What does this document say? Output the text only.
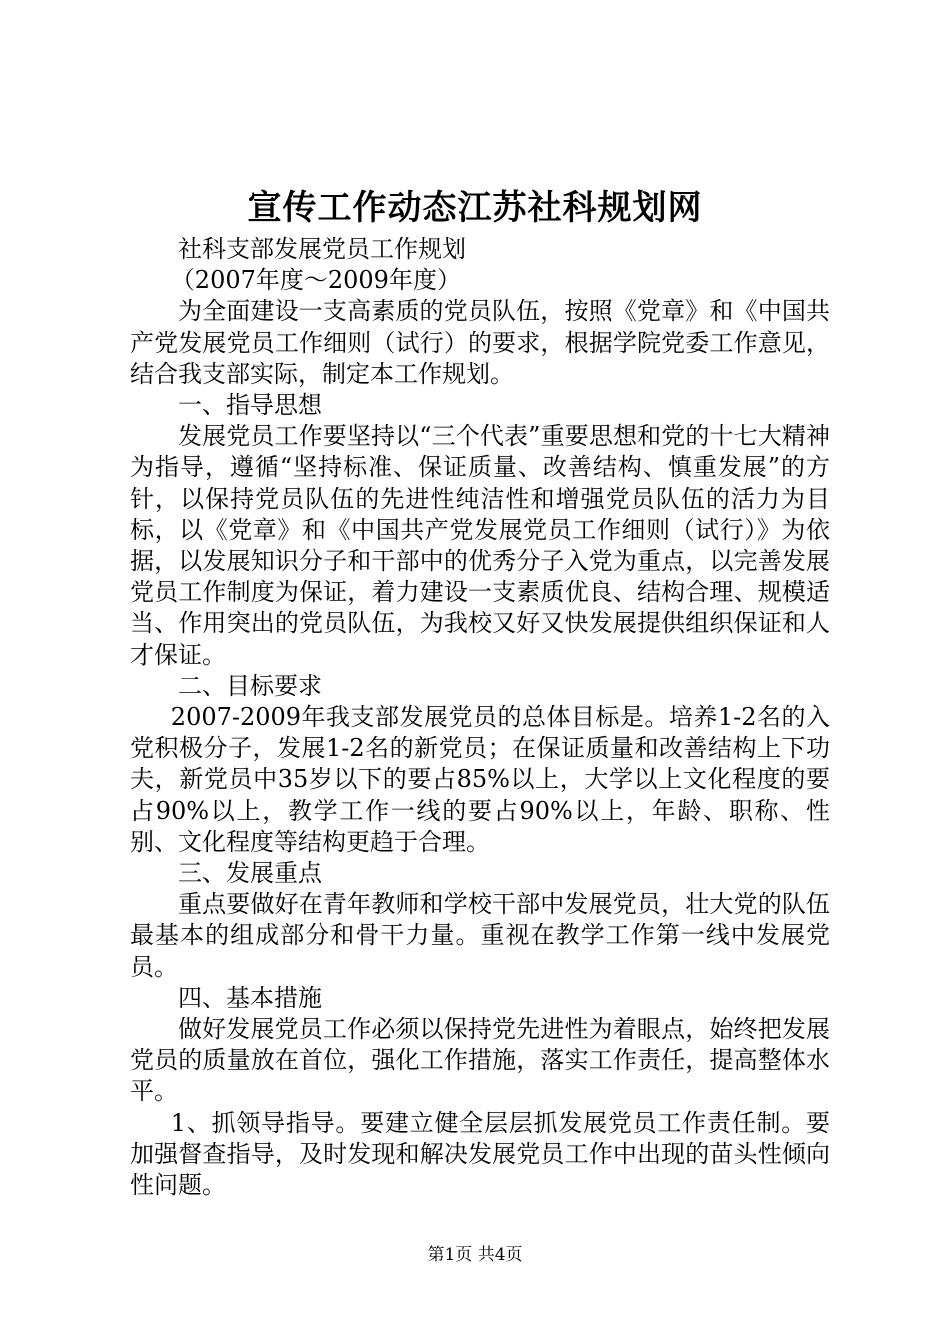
宣传工作动态江苏社科规划网

社科支部发展党员工作规划

（2007年度～2009年度）

为全面建设一支高素质的党员队伍，按照《党章》和《中国共产党发展党员工作细则（试行）的要求，根据学院党委工作意见，结合我支部实际，制定本工作规划。

一、指导思想

发展党员工作要坚持以“三个代表”重要思想和党的十七大精神为指导，遵循“坚持标准、保证质量、改善结构、慎重发展”的方针，以保持党员队伍的先进性纯洁性和增强党员队伍的活力为目标，以《党章》和《中国共产党发展党员工作细则（试行）》为依据，以发展知识分子和干部中的优秀分子入党为重点，以完善发展党员工作制度为保证，着力建设一支素质优良、结构合理、规模适当、作用突出的党员队伍，为我校又好又快发展提供组织保证和人才保证。

二、目标要求

2007-2009年我支部发展党员的总体目标是。培养1-2名的入党积极分子，发展1-2名的新党员；在保证质量和改善结构上下功夫，新党员中35岁以下的要占85%以上，大学以上文化程度的要占90%以上，教学工作一线的要占90%以上，年龄、职称、性别、文化程度等结构更趋于合理。

三、发展重点

重点要做好在青年教师和学校干部中发展党员，壮大党的队伍最基本的组成部分和骨干力量。重视在教学工作第一线中发展党员。

四、基本措施

做好发展党员工作必须以保持党先进性为着眼点，始终把发展党员的质量放在首位，强化工作措施，落实工作责任，提高整体水平。

1、抓领导指导。要建立健全层层抓发展党员工作责任制。要加强督查指导，及时发现和解决发展党员工作中出现的苗头性倾向性问题。

第1页 共4页
